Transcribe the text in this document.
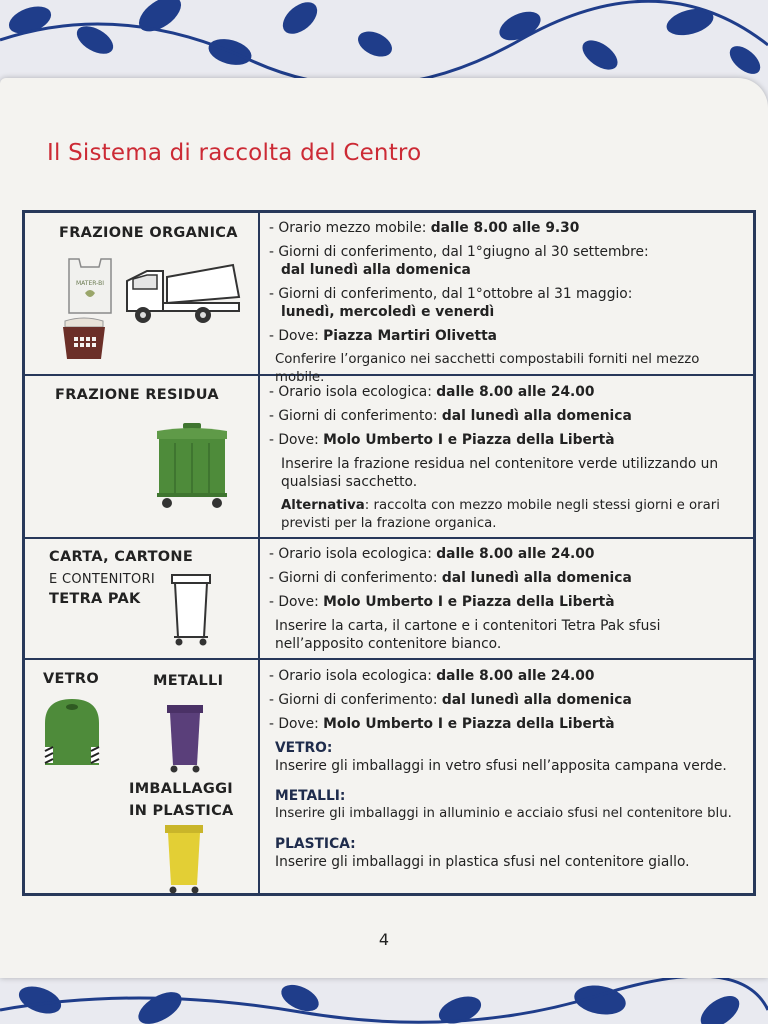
Il Sistema di raccolta del Centro

FRAZIONE ORGANICA

MATER-BI

- Orario mezzo mobile: dalle 8.00 alle 9.30

- Giorni di conferimento, dal 1°giugno al 30 settembre:
dal lunedì alla domenica

- Giorni di conferimento, dal 1°ottobre al 31 maggio:
lunedì, mercoledì e venerdì

- Dove: Piazza Martiri Olivetta

Conferire l’organico nei sacchetti compostabili forniti nel mezzo mobile.

FRAZIONE RESIDUA	- Orario isola ecologica: dalle 8.00 alle 24.00

- Giorni di conferimento: dal lunedì alla domenica

- Dove: Molo Umberto I e Piazza della Libertà

Inserire la frazione residua nel contenitore verde utilizzando un qualsiasi sacchetto.

Alternativa: raccolta con mezzo mobile negli stessi giorni e orari previsti per la frazione organica.

CARTA, CARTONE

E CONTENITORI

TETRA PAK

- Orario isola ecologica: dalle 8.00 alle 24.00

- Giorni di conferimento: dal lunedì alla domenica

- Dove: Molo Umberto I e Piazza della Libertà

Inserire la carta, il cartone e i contenitori Tetra Pak sfusi nell’apposito contenitore bianco.

VETRO	METALLI

IMBALLAGGI

IN PLASTICA

- Orario isola ecologica: dalle 8.00 alle 24.00

- Giorni di conferimento: dal lunedì alla domenica

- Dove: Molo Umberto I e Piazza della Libertà

VETRO:

Inserire gli imballaggi in vetro sfusi nell’apposita campana verde.

METALLI:

Inserire gli imballaggi in alluminio e acciaio sfusi nel contenitore blu.

PLASTICA:

Inserire gli imballaggi in plastica sfusi nel contenitore giallo.

4
